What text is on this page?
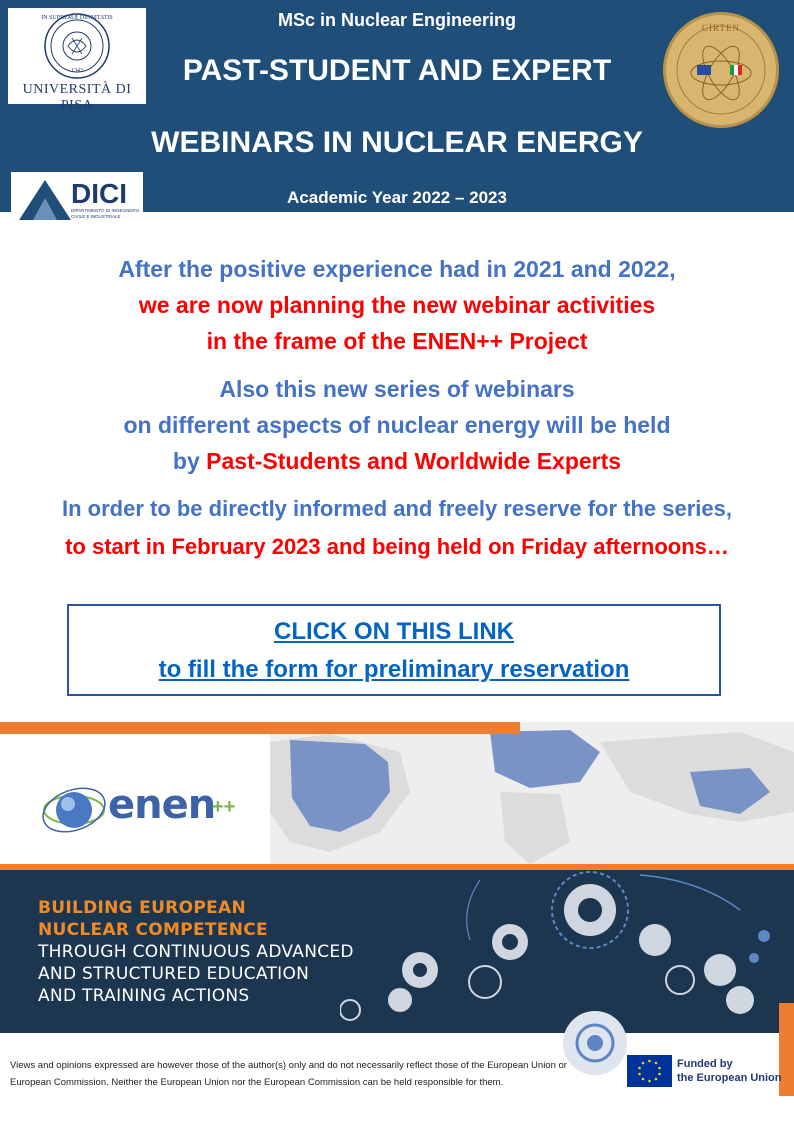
MSc in Nuclear Engineering
PAST-STUDENT AND EXPERT
WEBINARS IN NUCLEAR ENERGY
Academic Year 2022 – 2023
IN SUPREMÆ DIGNITATIS
1343
UNIVERSITÀ DI PISA
DICI
DIPARTIMENTO DI INGEGNERIA CIVILE E INDUSTRIALE
CIRTEN
After the positive experience had in 2021 and 2022,
we are now planning the new webinar activities
in the frame of the ENEN++ Project
Also this new series of webinars
on different aspects of nuclear energy will be held
by Past-Students and Worldwide Experts
In order to be directly informed and freely reserve for the series,
to start in February 2023 and being held on Friday afternoons…
CLICK ON THIS LINK
to fill the form for preliminary reservation
enen
++
BUILDING EUROPEAN
NUCLEAR COMPETENCE
THROUGH CONTINUOUS ADVANCED
AND STRUCTURED EDUCATION
AND TRAINING ACTIONS
Views and opinions expressed are however those of the author(s) only and do not necessarily reflect those of the European Union or European Commission. Neither the European Union nor the European Commission can be held responsible for them.
Funded by
the European Union
